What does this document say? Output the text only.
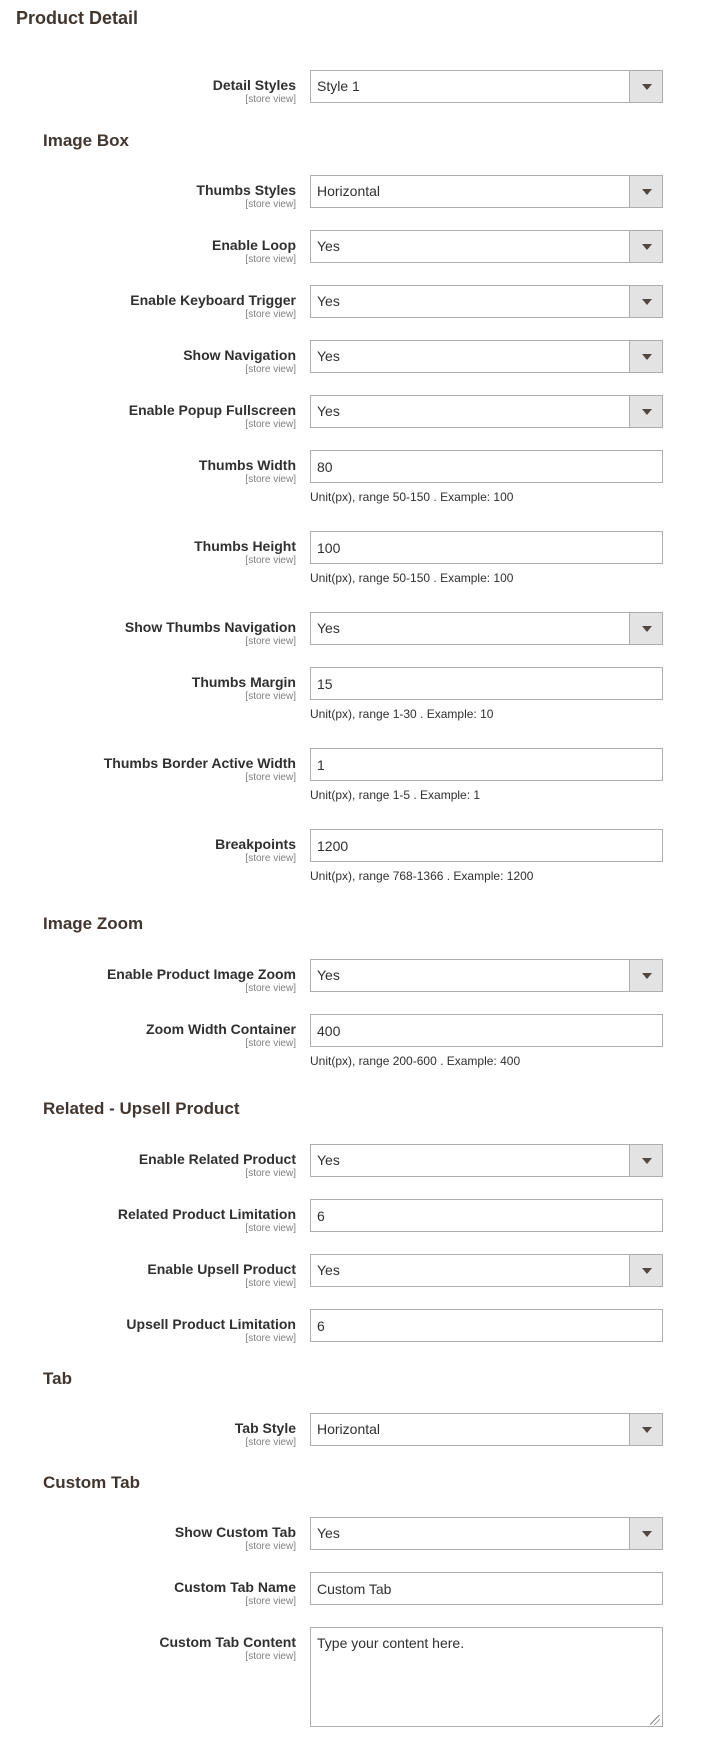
Product Detail
Detail Styles
[store view]
Style 1
Image Box
Thumbs Styles
[store view]
Horizontal
Enable Loop
[store view]
Yes
Enable Keyboard Trigger
[store view]
Yes
Show Navigation
[store view]
Yes
Enable Popup Fullscreen
[store view]
Yes
Thumbs Width
[store view]
80
Unit(px), range 50-150 . Example: 100
Thumbs Height
[store view]
100
Unit(px), range 50-150 . Example: 100
Show Thumbs Navigation
[store view]
Yes
Thumbs Margin
[store view]
15
Unit(px), range 1-30 . Example: 10
Thumbs Border Active Width
[store view]
1
Unit(px), range 1-5 . Example: 1
Breakpoints
[store view]
1200
Unit(px), range 768-1366 . Example: 1200
Image Zoom
Enable Product Image Zoom
[store view]
Yes
Zoom Width Container
[store view]
400
Unit(px), range 200-600 . Example: 400
Related - Upsell Product
Enable Related Product
[store view]
Yes
Related Product Limitation
[store view]
6
Enable Upsell Product
[store view]
Yes
Upsell Product Limitation
[store view]
6
Tab
Tab Style
[store view]
Horizontal
Custom Tab
Show Custom Tab
[store view]
Yes
Custom Tab Name
[store view]
Custom Tab
Custom Tab Content
[store view]
Type your content here.
